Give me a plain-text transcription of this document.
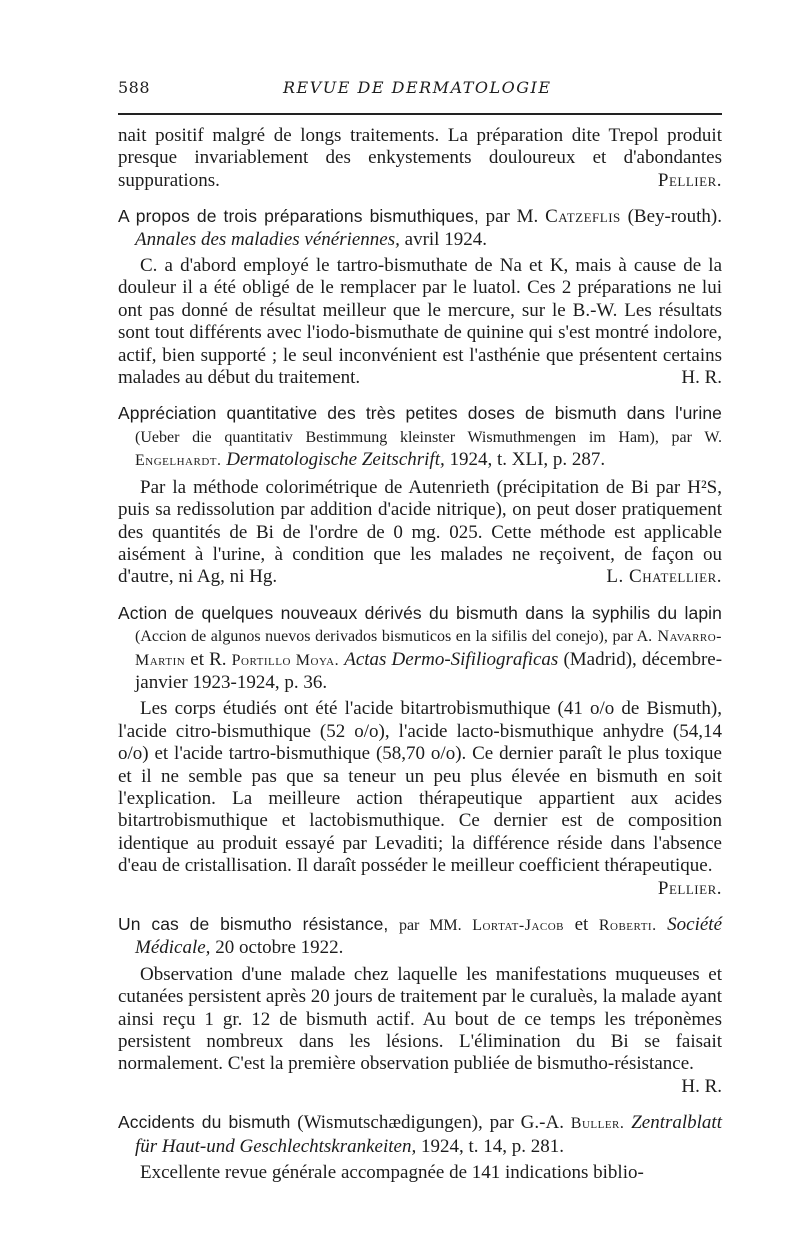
588	REVUE DE DERMATOLOGIE

nait positif malgré de longs traitements. La préparation dite Trepol produit presque invariablement des enkystements douloureux et d'abondantes suppurations.	Pellier.

A propos de trois préparations bismuthiques, par M. Catzeflis (Bey-routh). Annales des maladies vénériennes, avril 1924.

C. a d'abord employé le tartro-bismuthate de Na et K, mais à cause de la douleur il a été obligé de le remplacer par le luatol. Ces 2 préparations ne lui ont pas donné de résultat meilleur que le mercure, sur le B.-W. Les résultats sont tout différents avec l'iodo-bismuthate de quinine qui s'est montré indolore, actif, bien supporté ; le seul inconvénient est l'asthénie que présentent certains malades au début du traitement.	H. R.

Appréciation quantitative des très petites doses de bismuth dans l'urine (Ueber die quantitativ Bestimmung kleinster Wismuthmengen im Ham), par W. Engelhardt. Dermatologische Zeitschrift, 1924, t. XLI, p. 287.

Par la méthode colorimétrique de Autenrieth (précipitation de Bi par H²S, puis sa redissolution par addition d'acide nitrique), on peut doser pratiquement des quantités de Bi de l'ordre de 0 mg. 025. Cette méthode est applicable aisément à l'urine, à condition que les malades ne reçoivent, de façon ou d'autre, ni Ag, ni Hg.	L. Chatellier.

Action de quelques nouveaux dérivés du bismuth dans la syphilis du lapin (Accion de algunos nuevos derivados bismuticos en la sifilis del conejo), par A. Navarro-Martin et R. Portillo Moya. Actas Dermo-Sifiliograficas (Madrid), décembre-janvier 1923-1924, p. 36.

Les corps étudiés ont été l'acide bitartrobismuthique (41 o/o de Bismuth), l'acide citro-bismuthique (52 o/o), l'acide lacto-bismuthique anhydre (54,14 o/o) et l'acide tartro-bismuthique (58,70 o/o). Ce dernier paraît le plus toxique et il ne semble pas que sa teneur un peu plus élevée en bismuth en soit l'explication. La meilleure action thérapeutique appartient aux acides bitartrobismuthique et lactobismuthique. Ce dernier est de composition identique au produit essayé par Levaditi; la différence réside dans l'absence d'eau de cristallisation. Il daraît posséder le meilleur coefficient thérapeutique.
Pellier.

Un cas de bismutho résistance, par MM. Lortat-Jacob et Roberti. Société Médicale, 20 octobre 1922.

Observation d'une malade chez laquelle les manifestations muqueuses et cutanées persistent après 20 jours de traitement par le curaluès, la malade ayant ainsi reçu 1 gr. 12 de bismuth actif. Au bout de ce temps les tréponèmes persistent nombreux dans les lésions. L'élimination du Bi se faisait normalement. C'est la première observation publiée de bismutho-résistance.
H. R.

Accidents du bismuth (Wismutschædigungen), par G.-A. Buller. Zentralblatt für Haut-und Geschlechtskrankeiten, 1924, t. 14, p. 281.

Excellente revue générale accompagnée de 141 indications biblio-
